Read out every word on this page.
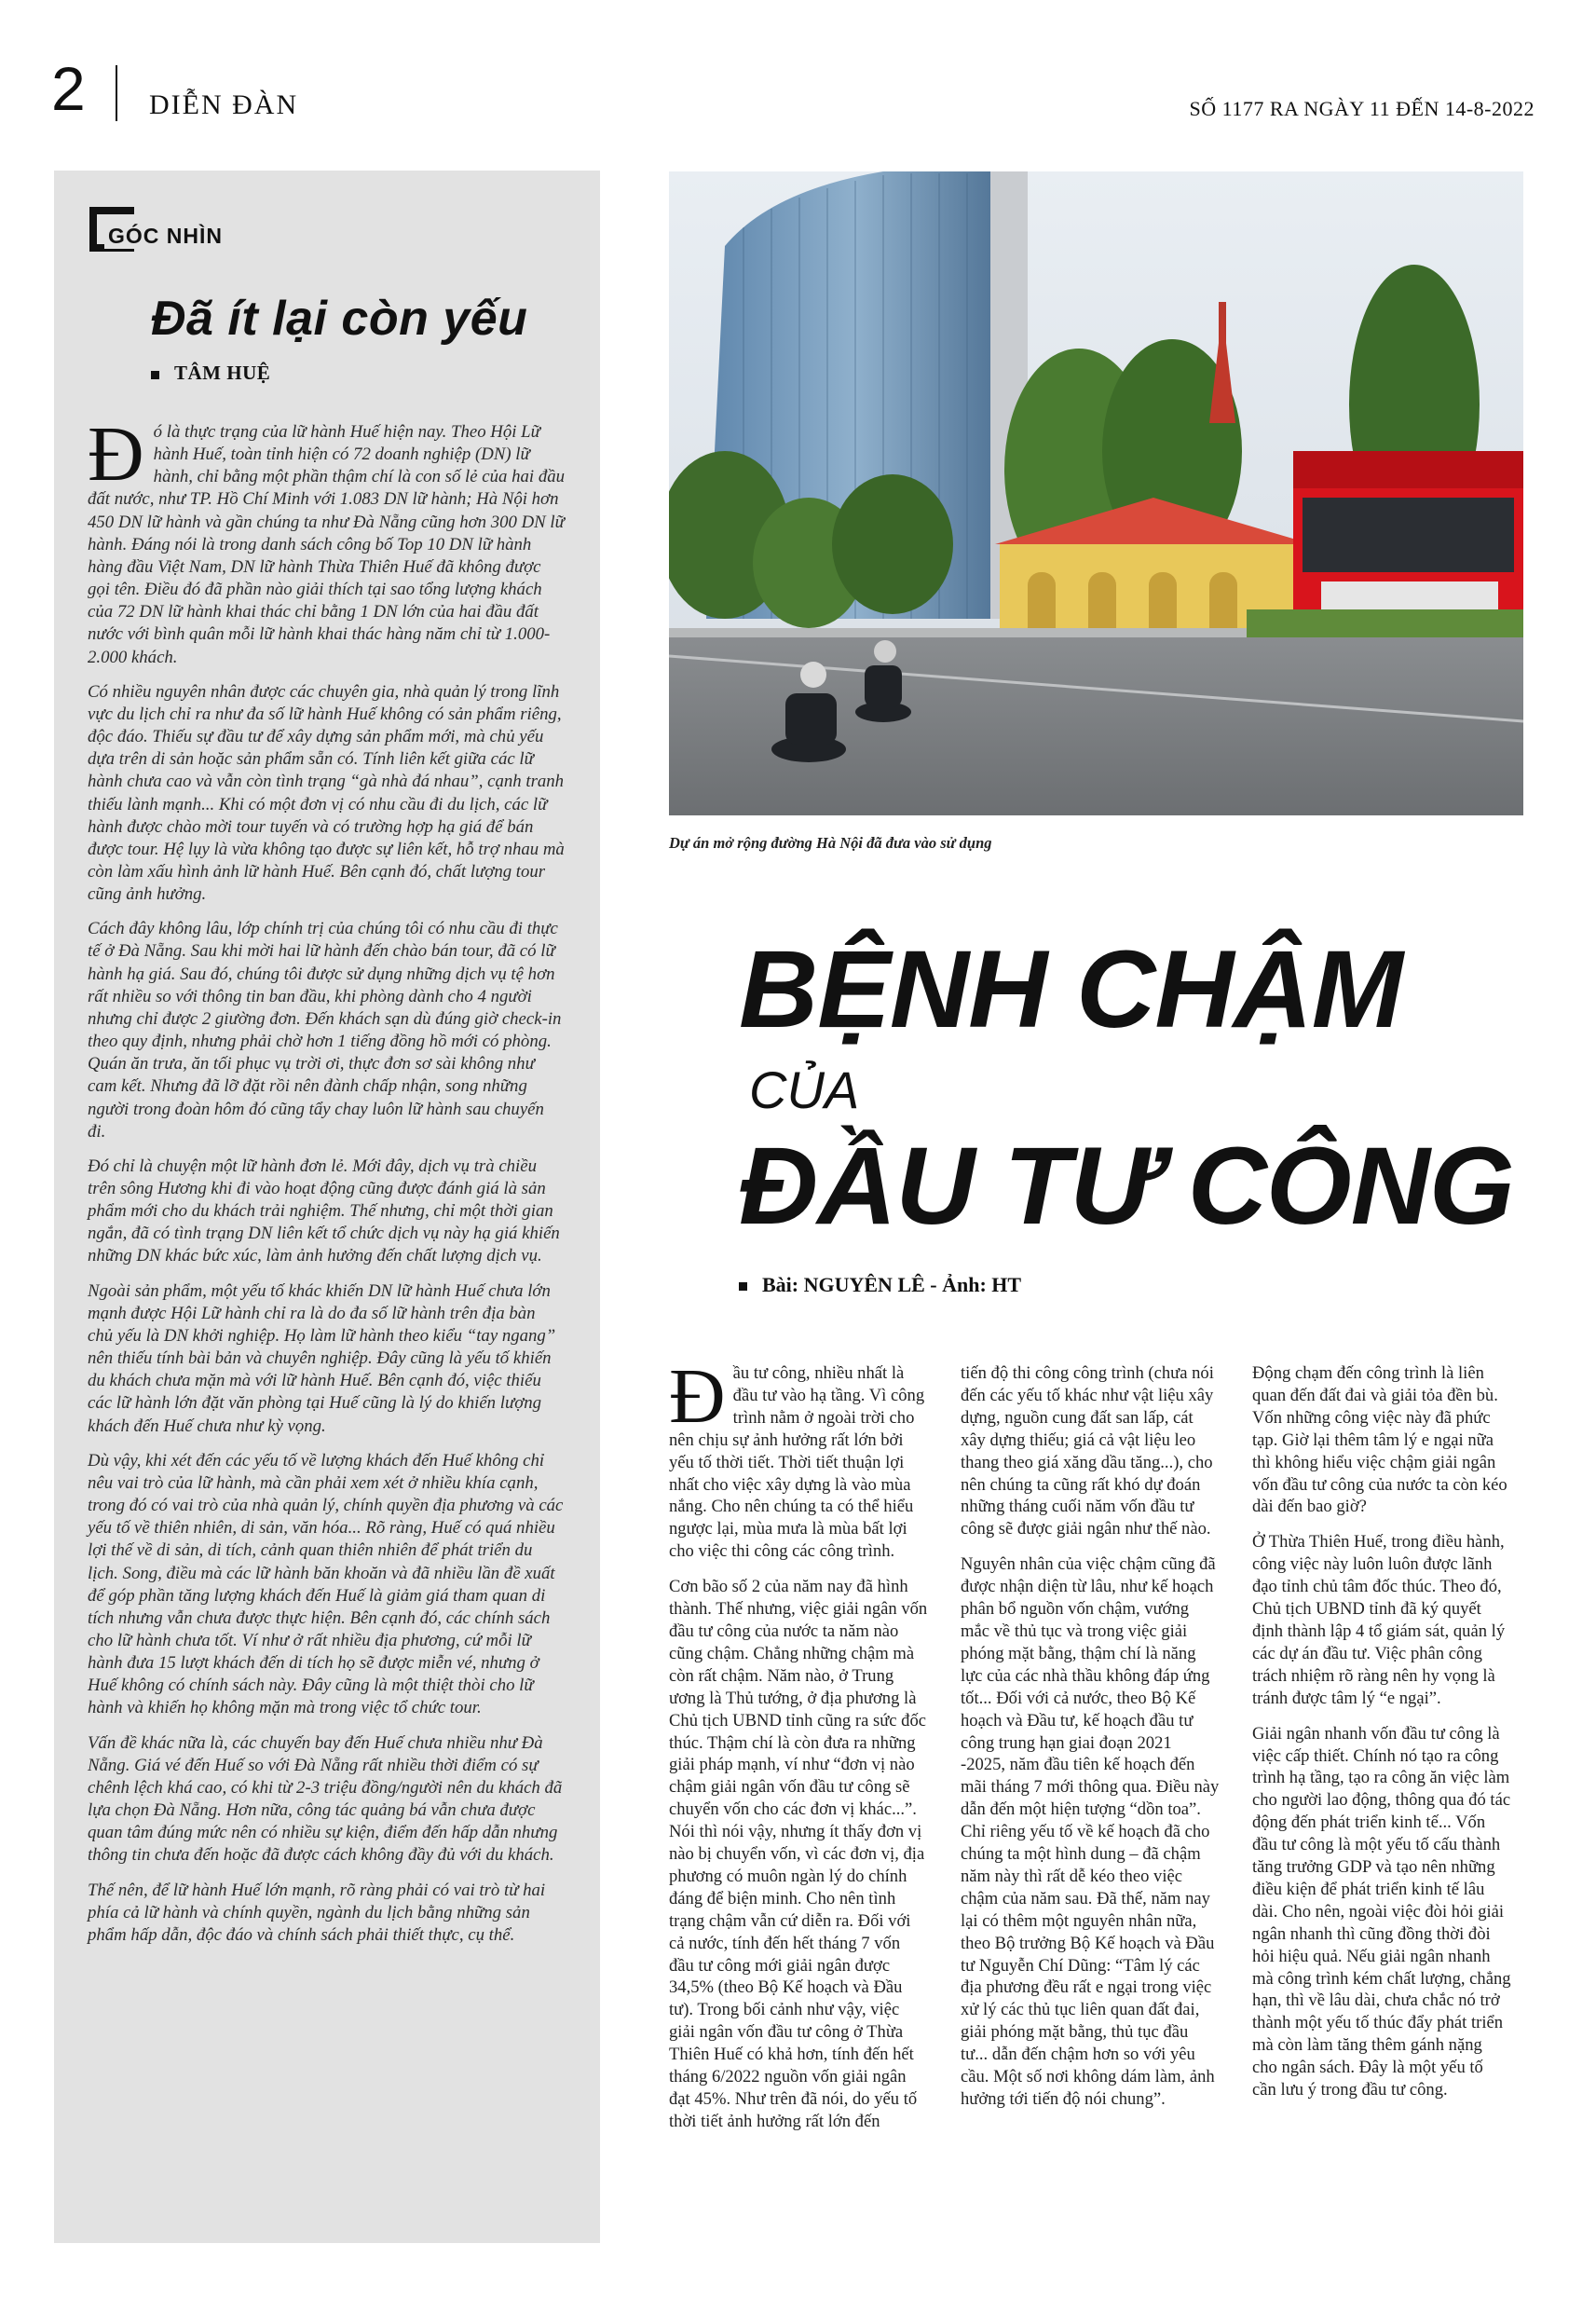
2 DIỄN ĐÀN	SỐ 1177 RA NGÀY 11 ĐẾN 14-8-2022
GÓC NHÌN
Đã ít lại còn yếu
TÂM HUỆ

Đó là thực trạng của lữ hành Huế hiện nay. Theo Hội Lữ hành Huế, toàn tỉnh hiện có 72 doanh nghiệp (DN) lữ hành, chỉ bằng một phần thậm chí là con số lẻ của hai đầu đất nước, như TP. Hồ Chí Minh với 1.083 DN lữ hành; Hà Nội hơn 450 DN lữ hành và gần chúng ta như Đà Nẵng cũng hơn 300 DN lữ hành. Đáng nói là trong danh sách công bố Top 10 DN lữ hành hàng đầu Việt Nam, DN lữ hành Thừa Thiên Huế đã không được gọi tên. Điều đó đã phần nào giải thích tại sao tổng lượng khách của 72 DN lữ hành khai thác chỉ bằng 1 DN lớn của hai đầu đất nước với bình quân mỗi lữ hành khai thác hàng năm chỉ từ 1.000-2.000 khách.

Có nhiều nguyên nhân được các chuyên gia, nhà quản lý trong lĩnh vực du lịch chỉ ra như đa số lữ hành Huế không có sản phẩm riêng, độc đáo. Thiếu sự đầu tư để xây dựng sản phẩm mới, mà chủ yếu dựa trên di sản hoặc sản phẩm sẵn có. Tính liên kết giữa các lữ hành chưa cao và vẫn còn tình trạng “gà nhà đá nhau”, cạnh tranh thiếu lành mạnh... Khi có một đơn vị có nhu cầu đi du lịch, các lữ hành được chào mời tour tuyến và có trường hợp hạ giá để bán được tour. Hệ lụy là vừa không tạo được sự liên kết, hỗ trợ nhau mà còn làm xấu hình ảnh lữ hành Huế. Bên cạnh đó, chất lượng tour cũng ảnh hưởng.

Cách đây không lâu, lớp chính trị của chúng tôi có nhu cầu đi thực tế ở Đà Nẵng. Sau khi mời hai lữ hành đến chào bán tour, đã có lữ hành hạ giá. Sau đó, chúng tôi được sử dụng những dịch vụ tệ hơn rất nhiều so với thông tin ban đầu, khi phòng dành cho 4 người nhưng chỉ được 2 giường đơn. Đến khách sạn dù đúng giờ check-in theo quy định, nhưng phải chờ hơn 1 tiếng đồng hồ mới có phòng. Quán ăn trưa, ăn tối phục vụ trời ơi, thực đơn sơ sài không như cam kết. Nhưng đã lỡ đặt rồi nên đành chấp nhận, song những người trong đoàn hôm đó cũng tẩy chay luôn lữ hành sau chuyến đi.

Đó chỉ là chuyện một lữ hành đơn lẻ. Mới đây, dịch vụ trà chiều trên sông Hương khi đi vào hoạt động cũng được đánh giá là sản phẩm mới cho du khách trải nghiệm. Thế nhưng, chỉ một thời gian ngắn, đã có tình trạng DN liên kết tổ chức dịch vụ này hạ giá khiến những DN khác bức xúc, làm ảnh hưởng đến chất lượng dịch vụ.

Ngoài sản phẩm, một yếu tố khác khiến DN lữ hành Huế chưa lớn mạnh được Hội Lữ hành chỉ ra là do đa số lữ hành trên địa bàn chủ yếu là DN khởi nghiệp. Họ làm lữ hành theo kiểu “tay ngang” nên thiếu tính bài bản và chuyên nghiệp. Đây cũng là yếu tố khiến du khách chưa mặn mà với lữ hành Huế. Bên cạnh đó, việc thiếu các lữ hành lớn đặt văn phòng tại Huế cũng là lý do khiến lượng khách đến Huế chưa như kỳ vọng.

Dù vậy, khi xét đến các yếu tố về lượng khách đến Huế không chỉ nêu vai trò của lữ hành, mà cần phải xem xét ở nhiều khía cạnh, trong đó có vai trò của nhà quản lý, chính quyền địa phương và các yếu tố về thiên nhiên, di sản, văn hóa... Rõ ràng, Huế có quá nhiều lợi thế về di sản, di tích, cảnh quan thiên nhiên để phát triển du lịch. Song, điều mà các lữ hành băn khoăn và đã nhiều lần đề xuất để góp phần tăng lượng khách đến Huế là giảm giá tham quan di tích nhưng vẫn chưa được thực hiện. Bên cạnh đó, các chính sách cho lữ hành chưa tốt. Ví như ở rất nhiều địa phương, cứ mỗi lữ hành đưa 15 lượt khách đến di tích họ sẽ được miễn vé, nhưng ở Huế không có chính sách này. Đây cũng là một thiệt thòi cho lữ hành và khiến họ không mặn mà trong việc tổ chức tour.

Vấn đề khác nữa là, các chuyến bay đến Huế chưa nhiều như Đà Nẵng. Giá vé đến Huế so với Đà Nẵng rất nhiều thời điểm có sự chênh lệch khá cao, có khi từ 2-3 triệu đồng/người nên du khách đã lựa chọn Đà Nẵng. Hơn nữa, công tác quảng bá vẫn chưa được quan tâm đúng mức nên có nhiều sự kiện, điểm đến hấp dẫn nhưng thông tin chưa đến hoặc đã được cách không đầy đủ với du khách.

Thế nên, để lữ hành Huế lớn mạnh, rõ ràng phải có vai trò từ hai phía cả lữ hành và chính quyền, ngành du lịch bằng những sản phẩm hấp dẫn, độc đáo và chính sách phải thiết thực, cụ thể.

Dự án mở rộng đường Hà Nội đã đưa vào sử dụng
BỆNH CHẬM
CỦA
ĐẦU TƯ CÔNG
Bài: NGUYÊN LÊ - Ảnh: HT

Đầu tư công, nhiều nhất là đầu tư vào hạ tầng. Vì công trình nằm ở ngoài trời cho nên chịu sự ảnh hưởng rất lớn bởi yếu tố thời tiết. Thời tiết thuận lợi nhất cho việc xây dựng là vào mùa nắng. Cho nên chúng ta có thể hiểu ngược lại, mùa mưa là mùa bất lợi cho việc thi công các công trình.

Cơn bão số 2 của năm nay đã hình thành. Thế nhưng, việc giải ngân vốn đầu tư công của nước ta năm nào cũng chậm. Chẳng những chậm mà còn rất chậm. Năm nào, ở Trung ương là Thủ tướng, ở địa phương là Chủ tịch UBND tỉnh cũng ra sức đốc thúc. Thậm chí là còn đưa ra những giải pháp mạnh, ví như “đơn vị nào chậm giải ngân vốn đầu tư công sẽ chuyển vốn cho các đơn vị khác...”. Nói thì nói vậy, nhưng ít thấy đơn vị nào bị chuyển vốn, vì các đơn vị, địa phương có muôn ngàn lý do chính đáng để biện minh. Cho nên tình trạng chậm vẫn cứ diễn ra. Đối với cả nước, tính đến hết tháng 7 vốn đầu tư công mới giải ngân được 34,5% (theo Bộ Kế hoạch và Đầu tư). Trong bối cảnh như vậy, việc giải ngân vốn đầu tư công ở Thừa Thiên Huế có khả hơn, tính đến hết tháng 6/2022 nguồn vốn giải ngân đạt 45%. Như trên đã nói, do yếu tố thời tiết ảnh hưởng rất lớn đến

tiến độ thi công công trình (chưa nói đến các yếu tố khác như vật liệu xây dựng, nguồn cung đất san lấp, cát xây dựng thiếu; giá cả vật liệu leo thang theo giá xăng dầu tăng...), cho nên chúng ta cũng rất khó dự đoán những tháng cuối năm vốn đầu tư công sẽ được giải ngân như thế nào.

Nguyên nhân của việc chậm cũng đã được nhận diện từ lâu, như kế hoạch phân bổ nguồn vốn chậm, vướng mắc về thủ tục và trong việc giải phóng mặt bằng, thậm chí là năng lực của các nhà thầu không đáp ứng tốt... Đối với cả nước, theo Bộ Kế hoạch và Đầu tư, kế hoạch đầu tư công trung hạn giai đoạn 2021 -2025, năm đầu tiên kế hoạch đến mãi tháng 7 mới thông qua. Điều này dẫn đến một hiện tượng “dồn toa”. Chỉ riêng yếu tố về kế hoạch đã cho chúng ta một hình dung – đã chậm năm này thì rất dễ kéo theo việc chậm của năm sau. Đã thế, năm nay lại có thêm một nguyên nhân nữa, theo Bộ trưởng Bộ Kế hoạch và Đầu tư Nguyễn Chí Dũng: “Tâm lý các địa phương đều rất e ngại trong việc xử lý các thủ tục liên quan đất đai, giải phóng mặt bằng, thủ tục đầu tư... dẫn đến chậm hơn so với yêu cầu. Một số nơi không dám làm, ảnh hưởng tới tiến độ nói chung”.

Động chạm đến công trình là liên quan đến đất đai và giải tỏa đền bù. Vốn những công việc này đã phức tạp. Giờ lại thêm tâm lý e ngại nữa thì không hiểu việc chậm giải ngân vốn đầu tư công của nước ta còn kéo dài đến bao giờ?

Ở Thừa Thiên Huế, trong điều hành, công việc này luôn luôn được lãnh đạo tỉnh chủ tâm đốc thúc. Theo đó, Chủ tịch UBND tỉnh đã ký quyết định thành lập 4 tổ giám sát, quản lý các dự án đầu tư. Việc phân công trách nhiệm rõ ràng nên hy vọng là tránh được tâm lý “e ngại”.

Giải ngân nhanh vốn đầu tư công là việc cấp thiết. Chính nó tạo ra công trình hạ tầng, tạo ra công ăn việc làm cho người lao động, thông qua đó tác động đến phát triển kinh tế... Vốn đầu tư công là một yếu tố cấu thành tăng trưởng GDP và tạo nên những điều kiện để phát triển kinh tế lâu dài. Cho nên, ngoài việc đòi hỏi giải ngân nhanh thì cũng đồng thời đòi hỏi hiệu quả. Nếu giải ngân nhanh mà công trình kém chất lượng, chẳng hạn, thì về lâu dài, chưa chắc nó trở thành một yếu tố thúc đẩy phát triển mà còn làm tăng thêm gánh nặng cho ngân sách. Đây là một yếu tố cần lưu ý trong đầu tư công.
